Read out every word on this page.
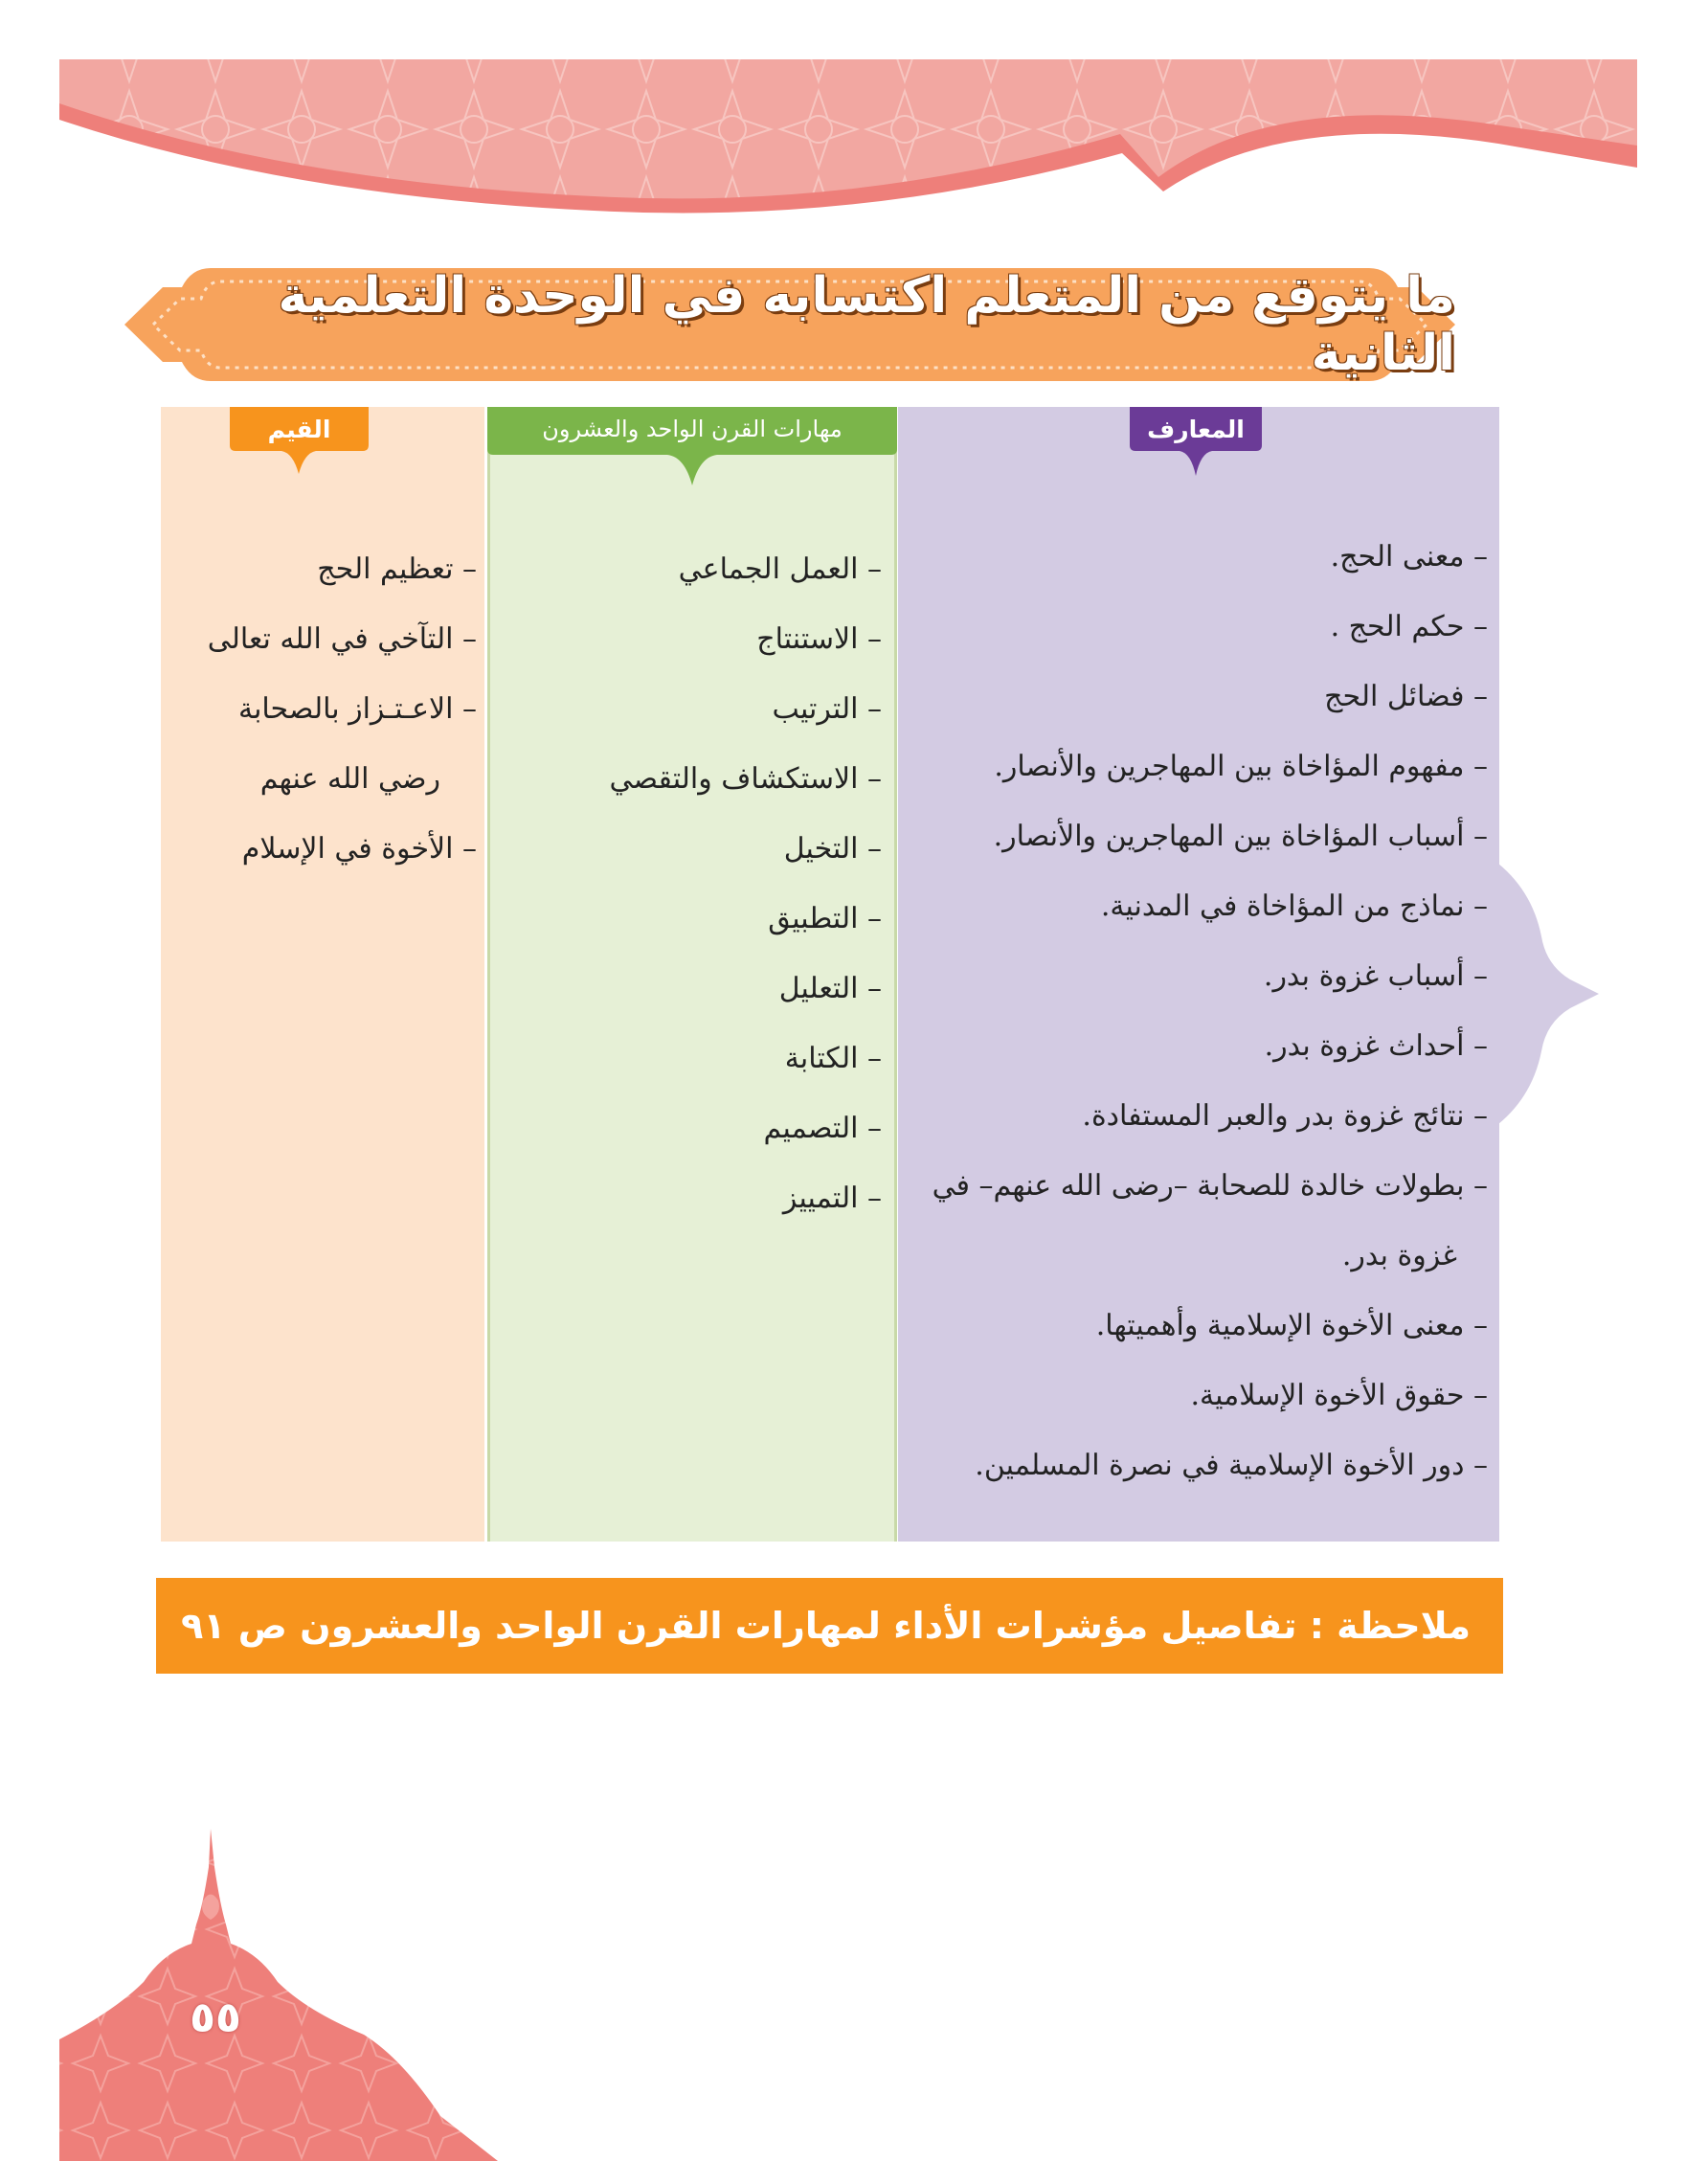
ما يتوقع من المتعلم اكتسابه في الوحدة التعلمية الثانية
القيم	مهارات القرن الواحد والعشرون	المعارف
– معنى الحج.
– حكم الحج .
– فضائل الحج
– مفهوم المؤاخاة بين المهاجرين والأنصار.
– أسباب المؤاخاة بين المهاجرين والأنصار.
– نماذج من المؤاخاة في المدنية.
– أسباب غزوة بدر.
– أحداث غزوة بدر.
– نتائج غزوة بدر والعبر المستفادة.
– بطولات خالدة للصحابة –رضى الله عنهم– في
غزوة بدر.
– معنى الأخوة الإسلامية وأهميتها.
– حقوق الأخوة الإسلامية.
– دور الأخوة الإسلامية في نصرة المسلمين.
– العمل الجماعي
– الاستنتاج
– الترتيب
– الاستكشاف والتقصي
– التخيل
– التطبيق
– التعليل
– الكتابة
– التصميم
– التمييز
– تعظيم الحج
– التآخي في الله تعالى
– الاعـتـزاز بالصحابة
رضي الله عنهم
– الأخوة في الإسلام
ملاحظة : تفاصيل مؤشرات الأداء لمهارات القرن الواحد والعشرون ص ٩١
٥٥
